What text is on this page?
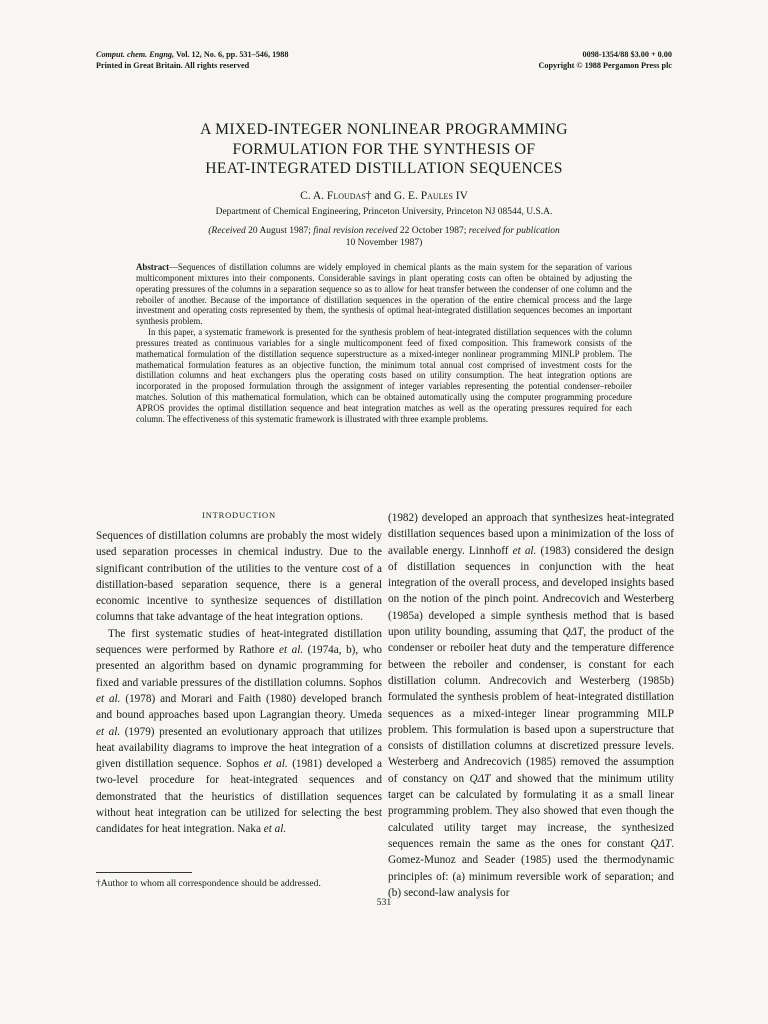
Comput. chem. Engng, Vol. 12, No. 6, pp. 531–546, 1988
Printed in Great Britain. All rights reserved
0098-1354/88 $3.00 + 0.00
Copyright © 1988 Pergamon Press plc
A MIXED-INTEGER NONLINEAR PROGRAMMING
FORMULATION FOR THE SYNTHESIS OF
HEAT-INTEGRATED DISTILLATION SEQUENCES
C. A. Floudas† and G. E. Paules IV
Department of Chemical Engineering, Princeton University, Princeton NJ 08544, U.S.A.
(Received 20 August 1987; final revision received 22 October 1987; received for publication
10 November 1987)

Abstract—Sequences of distillation columns are widely employed in chemical plants as the main system for the separation of various multicomponent mixtures into their components. Considerable savings in plant operating costs can often be obtained by adjusting the operating pressures of the columns in a separation sequence so as to allow for heat transfer between the condenser of one column and the reboiler of another. Because of the importance of distillation sequences in the operation of the entire chemical process and the large investment and operating costs represented by them, the synthesis of optimal heat-integrated distillation sequences becomes an important synthesis problem.

In this paper, a systematic framework is presented for the synthesis problem of heat-integrated distillation sequences with the column pressures treated as continuous variables for a single multicomponent feed of fixed composition. This framework consists of the mathematical formulation of the distillation sequence superstructure as a mixed-integer nonlinear programming MINLP problem. The mathematical formulation features as an objective function, the minimum total annual cost comprised of investment costs for the distillation columns and heat exchangers plus the operating costs based on utility consumption. The heat integration options are incorporated in the proposed formulation through the assignment of integer variables representing the potential condenser–reboiler matches. Solution of this mathematical formulation, which can be obtained automatically using the computer programming procedure APROS provides the optimal distillation sequence and heat integration matches as well as the operating pressures required for each column. The effectiveness of this systematic framework is illustrated with three example problems.

INTRODUCTION

Sequences of distillation columns are probably the most widely used separation processes in chemical industry. Due to the significant contribution of the utilities to the venture cost of a distillation-based separation sequence, there is a general economic incentive to synthesize sequences of distillation columns that take advantage of the heat integration options.

The first systematic studies of heat-integrated distillation sequences were performed by Rathore et al. (1974a, b), who presented an algorithm based on dynamic programming for fixed and variable pressures of the distillation columns. Sophos et al. (1978) and Morari and Faith (1980) developed branch and bound approaches based upon Lagrangian theory. Umeda et al. (1979) presented an evolutionary approach that utilizes heat availability diagrams to improve the heat integration of a given distillation sequence. Sophos et al. (1981) developed a two-level procedure for heat-integrated sequences and demonstrated that the heuristics of distillation sequences without heat integration can be utilized for selecting the best candidates for heat integration. Naka et al.

(1982) developed an approach that synthesizes heat-integrated distillation sequences based upon a minimization of the loss of available energy. Linnhoff et al. (1983) considered the design of distillation sequences in conjunction with the heat integration of the overall process, and developed insights based on the notion of the pinch point. Andrecovich and Westerberg (1985a) developed a simple synthesis method that is based upon utility bounding, assuming that QΔT, the product of the condenser or reboiler heat duty and the temperature difference between the reboiler and condenser, is constant for each distillation column. Andrecovich and Westerberg (1985b) formulated the synthesis problem of heat-integrated distillation sequences as a mixed-integer linear programming MILP problem. This formulation is based upon a superstructure that consists of distillation columns at discretized pressure levels. Westerberg and Andrecovich (1985) removed the assumption of constancy on QΔT and showed that the minimum utility target can be calculated by formulating it as a small linear programming problem. They also showed that even though the calculated utility target may increase, the synthesized sequences remain the same as the ones for constant QΔT. Gomez-Munoz and Seader (1985) used the thermodynamic principles of: (a) minimum reversible work of separation; and (b) second-law analysis for

†Author to whom all correspondence should be addressed.
531
